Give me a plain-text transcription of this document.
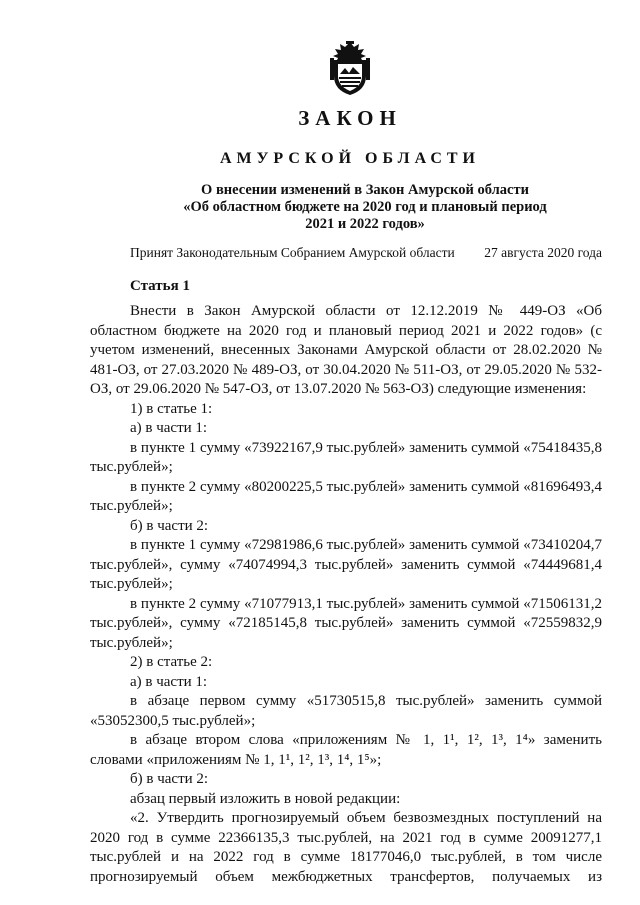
ЗАКОН
АМУРСКОЙ ОБЛАСТИ
О внесении изменений в Закон Амурской области
«Об областном бюджете на 2020 год и плановый период
2021 и 2022 годов»
Принят Законодательным Собранием Амурской области 27 августа 2020 года
Статья 1

Внести в Закон Амурской области от 12.12.2019 № 449-ОЗ «Об областном бюджете на 2020 год и плановый период 2021 и 2022 годов» (с учетом изменений, внесенных Законами Амурской области от 28.02.2020 № 481-ОЗ, от 27.03.2020 № 489-ОЗ, от 30.04.2020 № 511-ОЗ, от 29.05.2020 № 532-ОЗ, от 29.06.2020 № 547-ОЗ, от 13.07.2020 № 563-ОЗ) следующие изменения:

1) в статье 1:

а) в части 1:

в пункте 1 сумму «73922167,9 тыс.рублей» заменить суммой «75418435,8 тыс.рублей»;

в пункте 2 сумму «80200225,5 тыс.рублей» заменить суммой «81696493,4 тыс.рублей»;

б) в части 2:

в пункте 1 сумму «72981986,6 тыс.рублей» заменить суммой «73410204,7 тыс.рублей», сумму «74074994,3 тыс.рублей» заменить суммой «74449681,4 тыс.рублей»;

в пункте 2 сумму «71077913,1 тыс.рублей» заменить суммой «71506131,2 тыс.рублей», сумму «72185145,8 тыс.рублей» заменить суммой «72559832,9 тыс.рублей»;

2) в статье 2:

а) в части 1:

в абзаце первом сумму «51730515,8 тыс.рублей» заменить суммой «53052300,5 тыс.рублей»;

в абзаце втором слова «приложениям № 1, 1¹, 1², 1³, 1⁴» заменить словами «приложениям № 1, 1¹, 1², 1³, 1⁴, 1⁵»;

б) в части 2:

абзац первый изложить в новой редакции:

«2. Утвердить прогнозируемый объем безвозмездных поступлений на 2020 год в сумме 22366135,3 тыс.рублей, на 2021 год в сумме 20091277,1 тыс.рублей и на 2022 год в сумме 18177046,0 тыс.рублей, в том числе прогнозируемый объем межбюджетных трансфертов, получаемых из
